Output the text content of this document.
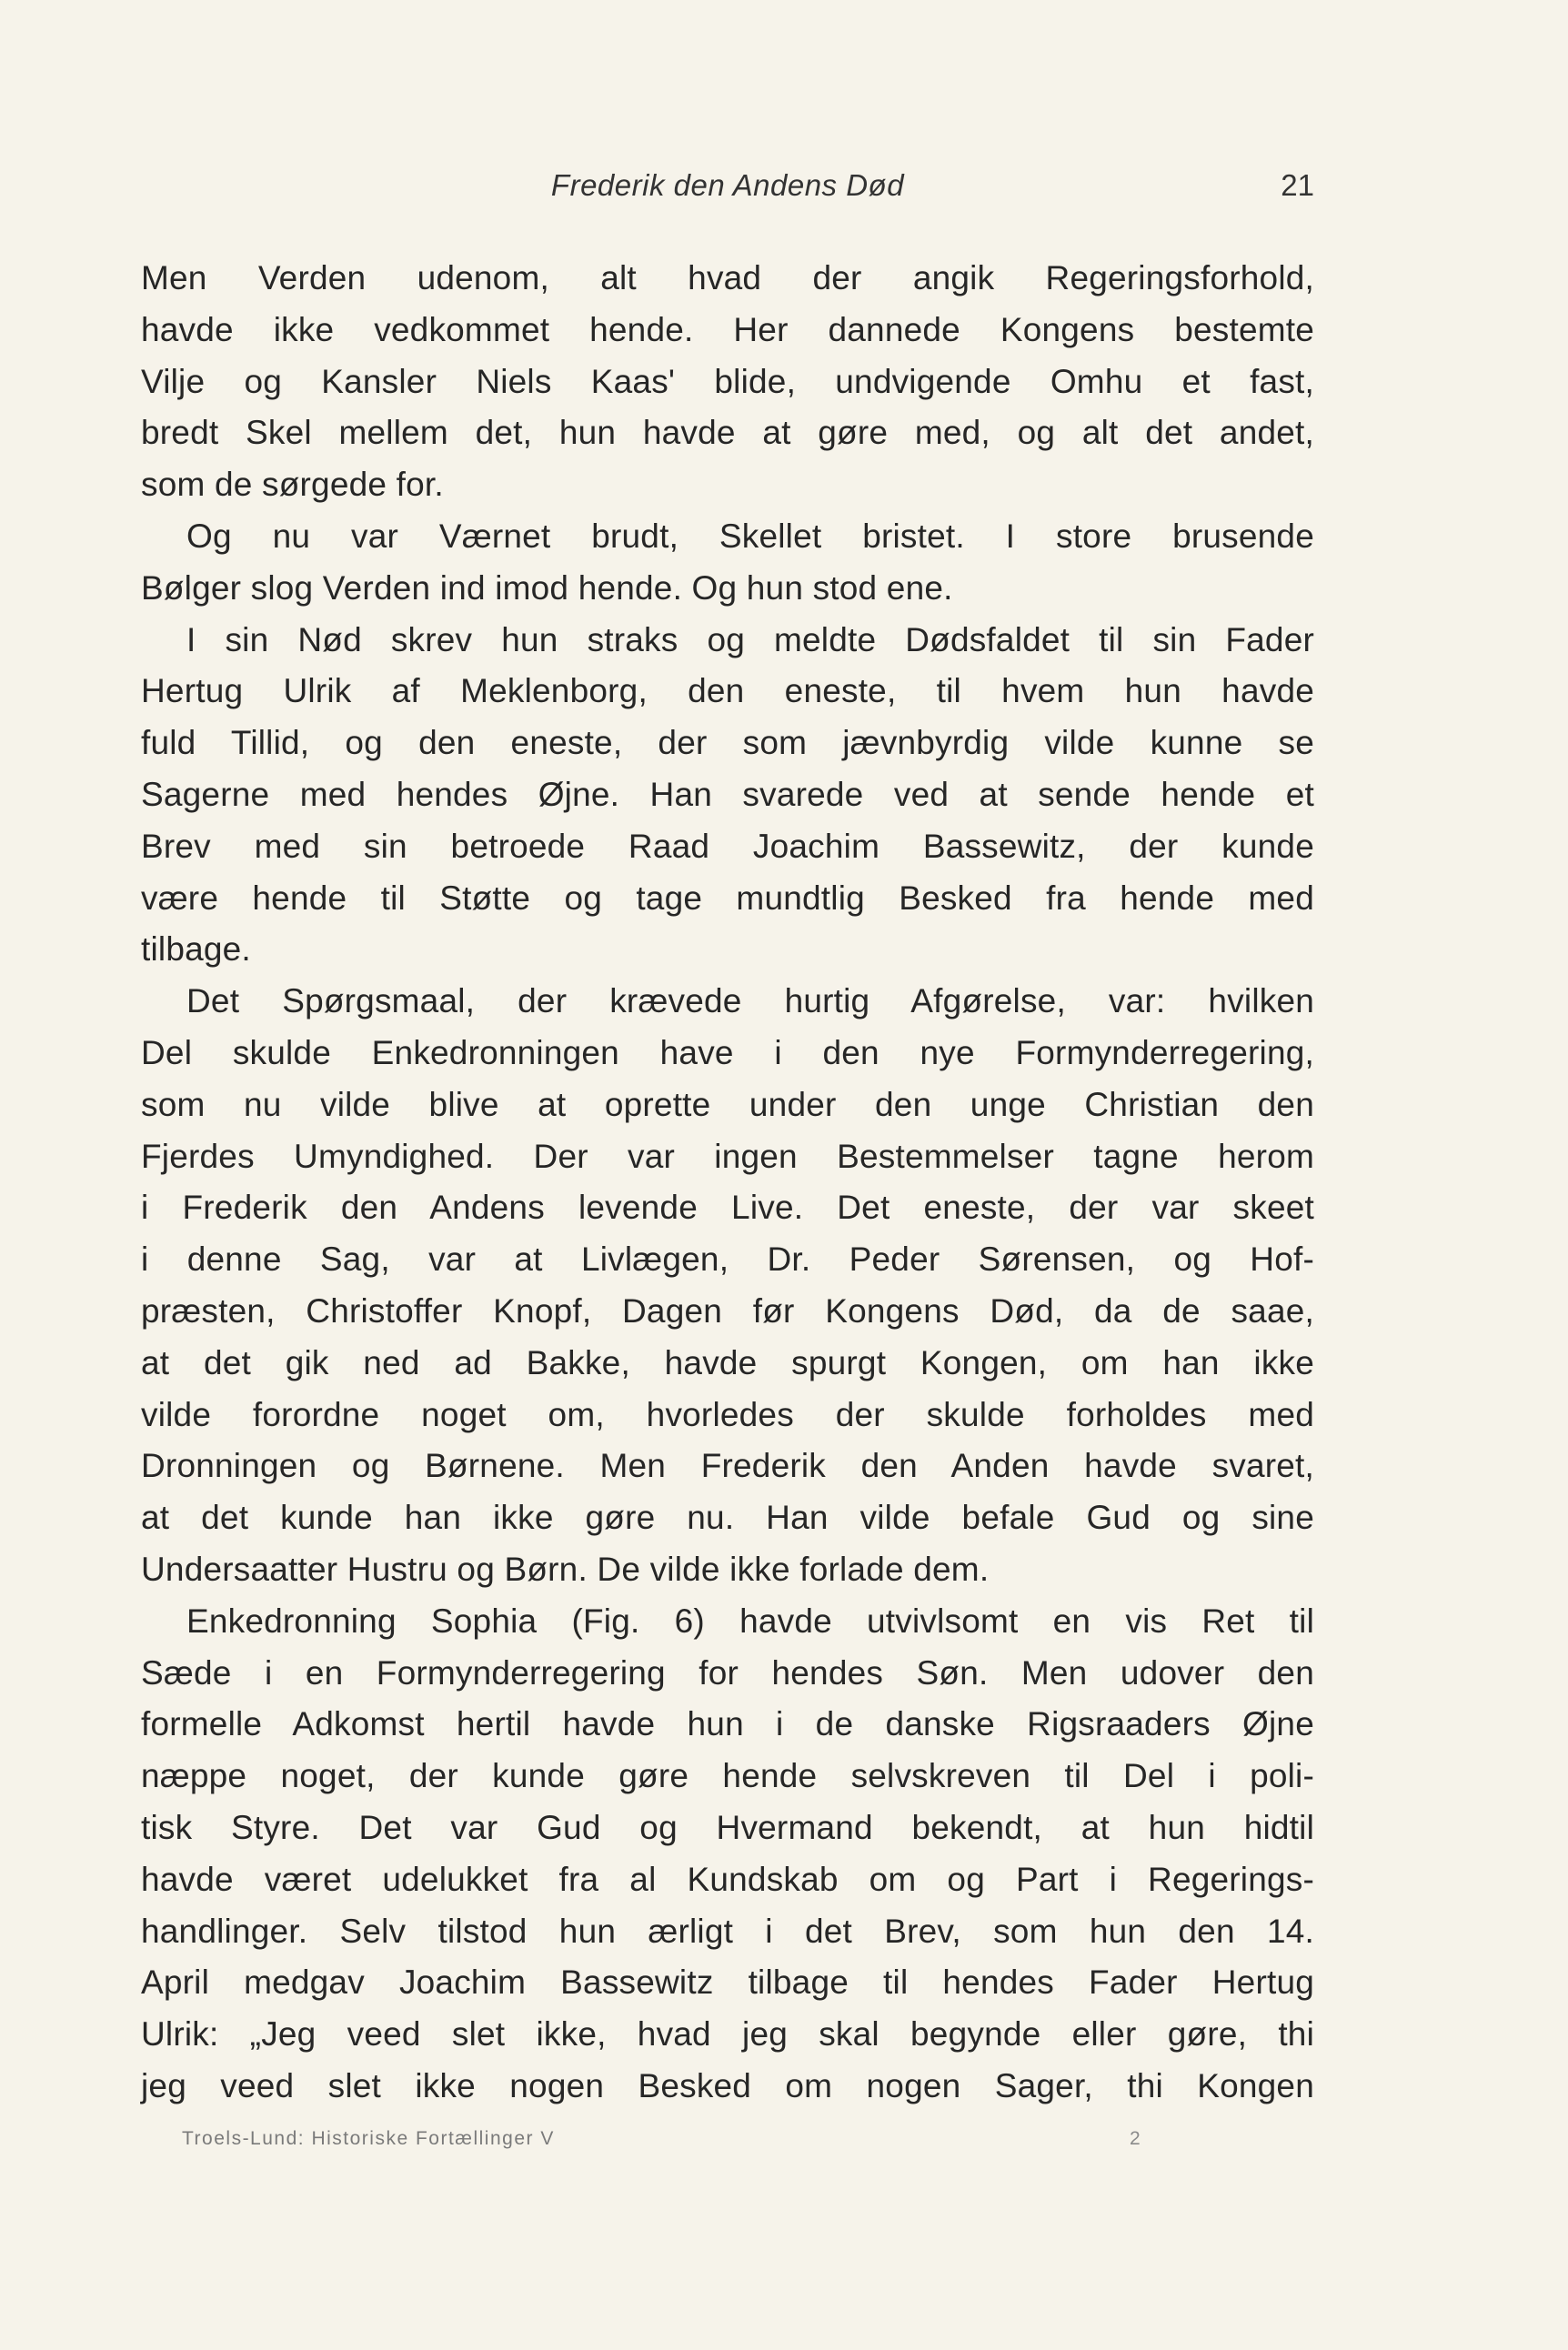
Frederik den Andens Død	21
Men Verden udenom, alt hvad der angik Regeringsforhold,
havde ikke vedkommet hende. Her dannede Kongens bestemte
Vilje og Kansler Niels Kaas' blide, undvigende Omhu et fast,
bredt Skel mellem det, hun havde at gøre med, og alt det andet,
som de sørgede for.
Og nu var Værnet brudt, Skellet bristet. I store brusende
Bølger slog Verden ind imod hende. Og hun stod ene.
I sin Nød skrev hun straks og meldte Dødsfaldet til sin Fader
Hertug Ulrik af Meklenborg, den eneste, til hvem hun havde
fuld Tillid, og den eneste, der som jævnbyrdig vilde kunne se
Sagerne med hendes Øjne. Han svarede ved at sende hende et
Brev med sin betroede Raad Joachim Bassewitz, der kunde
være hende til Støtte og tage mundtlig Besked fra hende med
tilbage.
Det Spørgsmaal, der krævede hurtig Afgørelse, var: hvilken
Del skulde Enkedronningen have i den nye Formynderregering,
som nu vilde blive at oprette under den unge Christian den
Fjerdes Umyndighed. Der var ingen Bestemmelser tagne herom
i Frederik den Andens levende Live. Det eneste, der var skeet
i denne Sag, var at Livlægen, Dr. Peder Sørensen, og Hof-
præsten, Christoffer Knopf, Dagen før Kongens Død, da de saae,
at det gik ned ad Bakke, havde spurgt Kongen, om han ikke
vilde forordne noget om, hvorledes der skulde forholdes med
Dronningen og Børnene. Men Frederik den Anden havde svaret,
at det kunde han ikke gøre nu. Han vilde befale Gud og sine
Undersaatter Hustru og Børn. De vilde ikke forlade dem.
Enkedronning Sophia (Fig. 6) havde utvivlsomt en vis Ret til
Sæde i en Formynderregering for hendes Søn. Men udover den
formelle Adkomst hertil havde hun i de danske Rigsraaders Øjne
næppe noget, der kunde gøre hende selvskreven til Del i poli-
tisk Styre. Det var Gud og Hvermand bekendt, at hun hidtil
havde været udelukket fra al Kundskab om og Part i Regerings-
handlinger. Selv tilstod hun ærligt i det Brev, som hun den 14.
April medgav Joachim Bassewitz tilbage til hendes Fader Hertug
Ulrik: „Jeg veed slet ikke, hvad jeg skal begynde eller gøre, thi
jeg veed slet ikke nogen Besked om nogen Sager, thi Kongen
Troels-Lund: Historiske Fortællinger V	2
